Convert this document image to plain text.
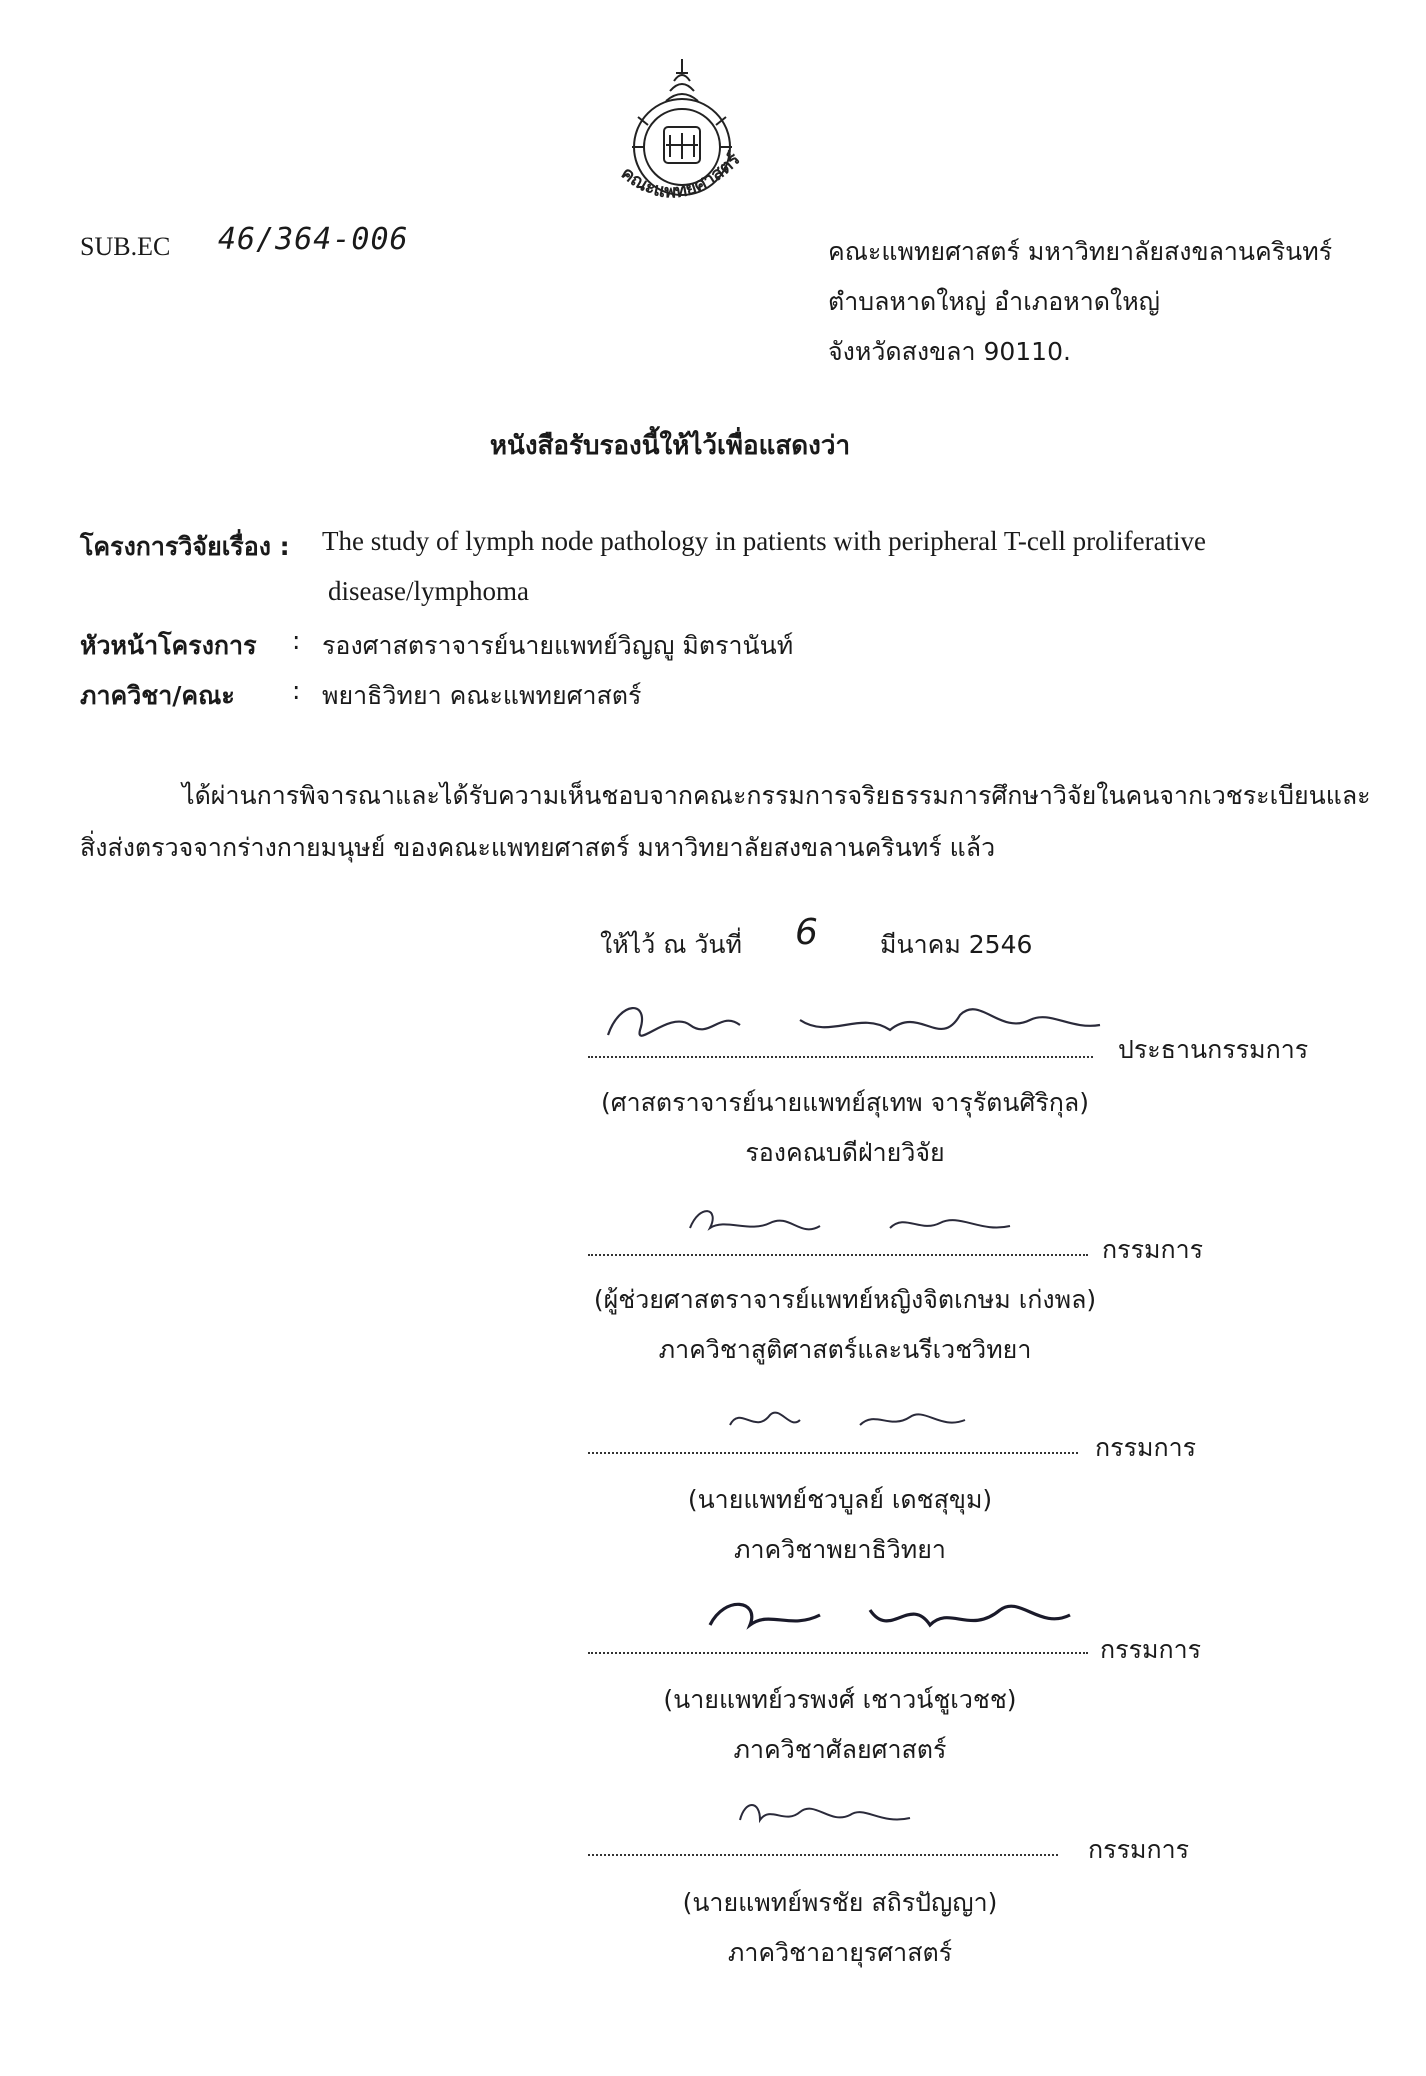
คณะแพทยศาสตร์
SUB.EC 46/364-006	คณะแพทยศาสตร์ มหาวิทยาลัยสงขลานครินทร์
ตำบลหาดใหญ่ อำเภอหาดใหญ่
จังหวัดสงขลา 90110.
หนังสือรับรองนี้ให้ไว้เพื่อแสดงว่า
โครงการวิจัยเรื่อง : The study of lymph node pathology in patients with peripheral T-cell proliferative
disease/lymphoma
หัวหน้าโครงการ : รองศาสตราจารย์นายแพทย์วิญญู มิตรานันท์
ภาควิชา/คณะ : พยาธิวิทยา คณะแพทยศาสตร์
ได้ผ่านการพิจารณาและได้รับความเห็นชอบจากคณะกรรมการจริยธรรมการศึกษาวิจัยในคนจากเวชระเบียนและ
สิ่งส่งตรวจจากร่างกายมนุษย์ ของคณะแพทยศาสตร์ มหาวิทยาลัยสงขลานครินทร์ แล้ว
ให้ไว้ ณ วันที่ 6 มีนาคม 2546
ประธานกรรมการ
(ศาสตราจารย์นายแพทย์สุเทพ จารุรัตนศิริกุล)
รองคณบดีฝ่ายวิจัย
กรรมการ
(ผู้ช่วยศาสตราจารย์แพทย์หญิงจิตเกษม เก่งพล)
ภาควิชาสูติศาสตร์และนรีเวชวิทยา
กรรมการ
(นายแพทย์ชวบูลย์ เดชสุขุม)
ภาควิชาพยาธิวิทยา
กรรมการ
(นายแพทย์วรพงศ์ เชาวน์ชูเวชช)
ภาควิชาศัลยศาสตร์
กรรมการ
(นายแพทย์พรชัย สถิรปัญญา)
ภาควิชาอายุรศาสตร์
